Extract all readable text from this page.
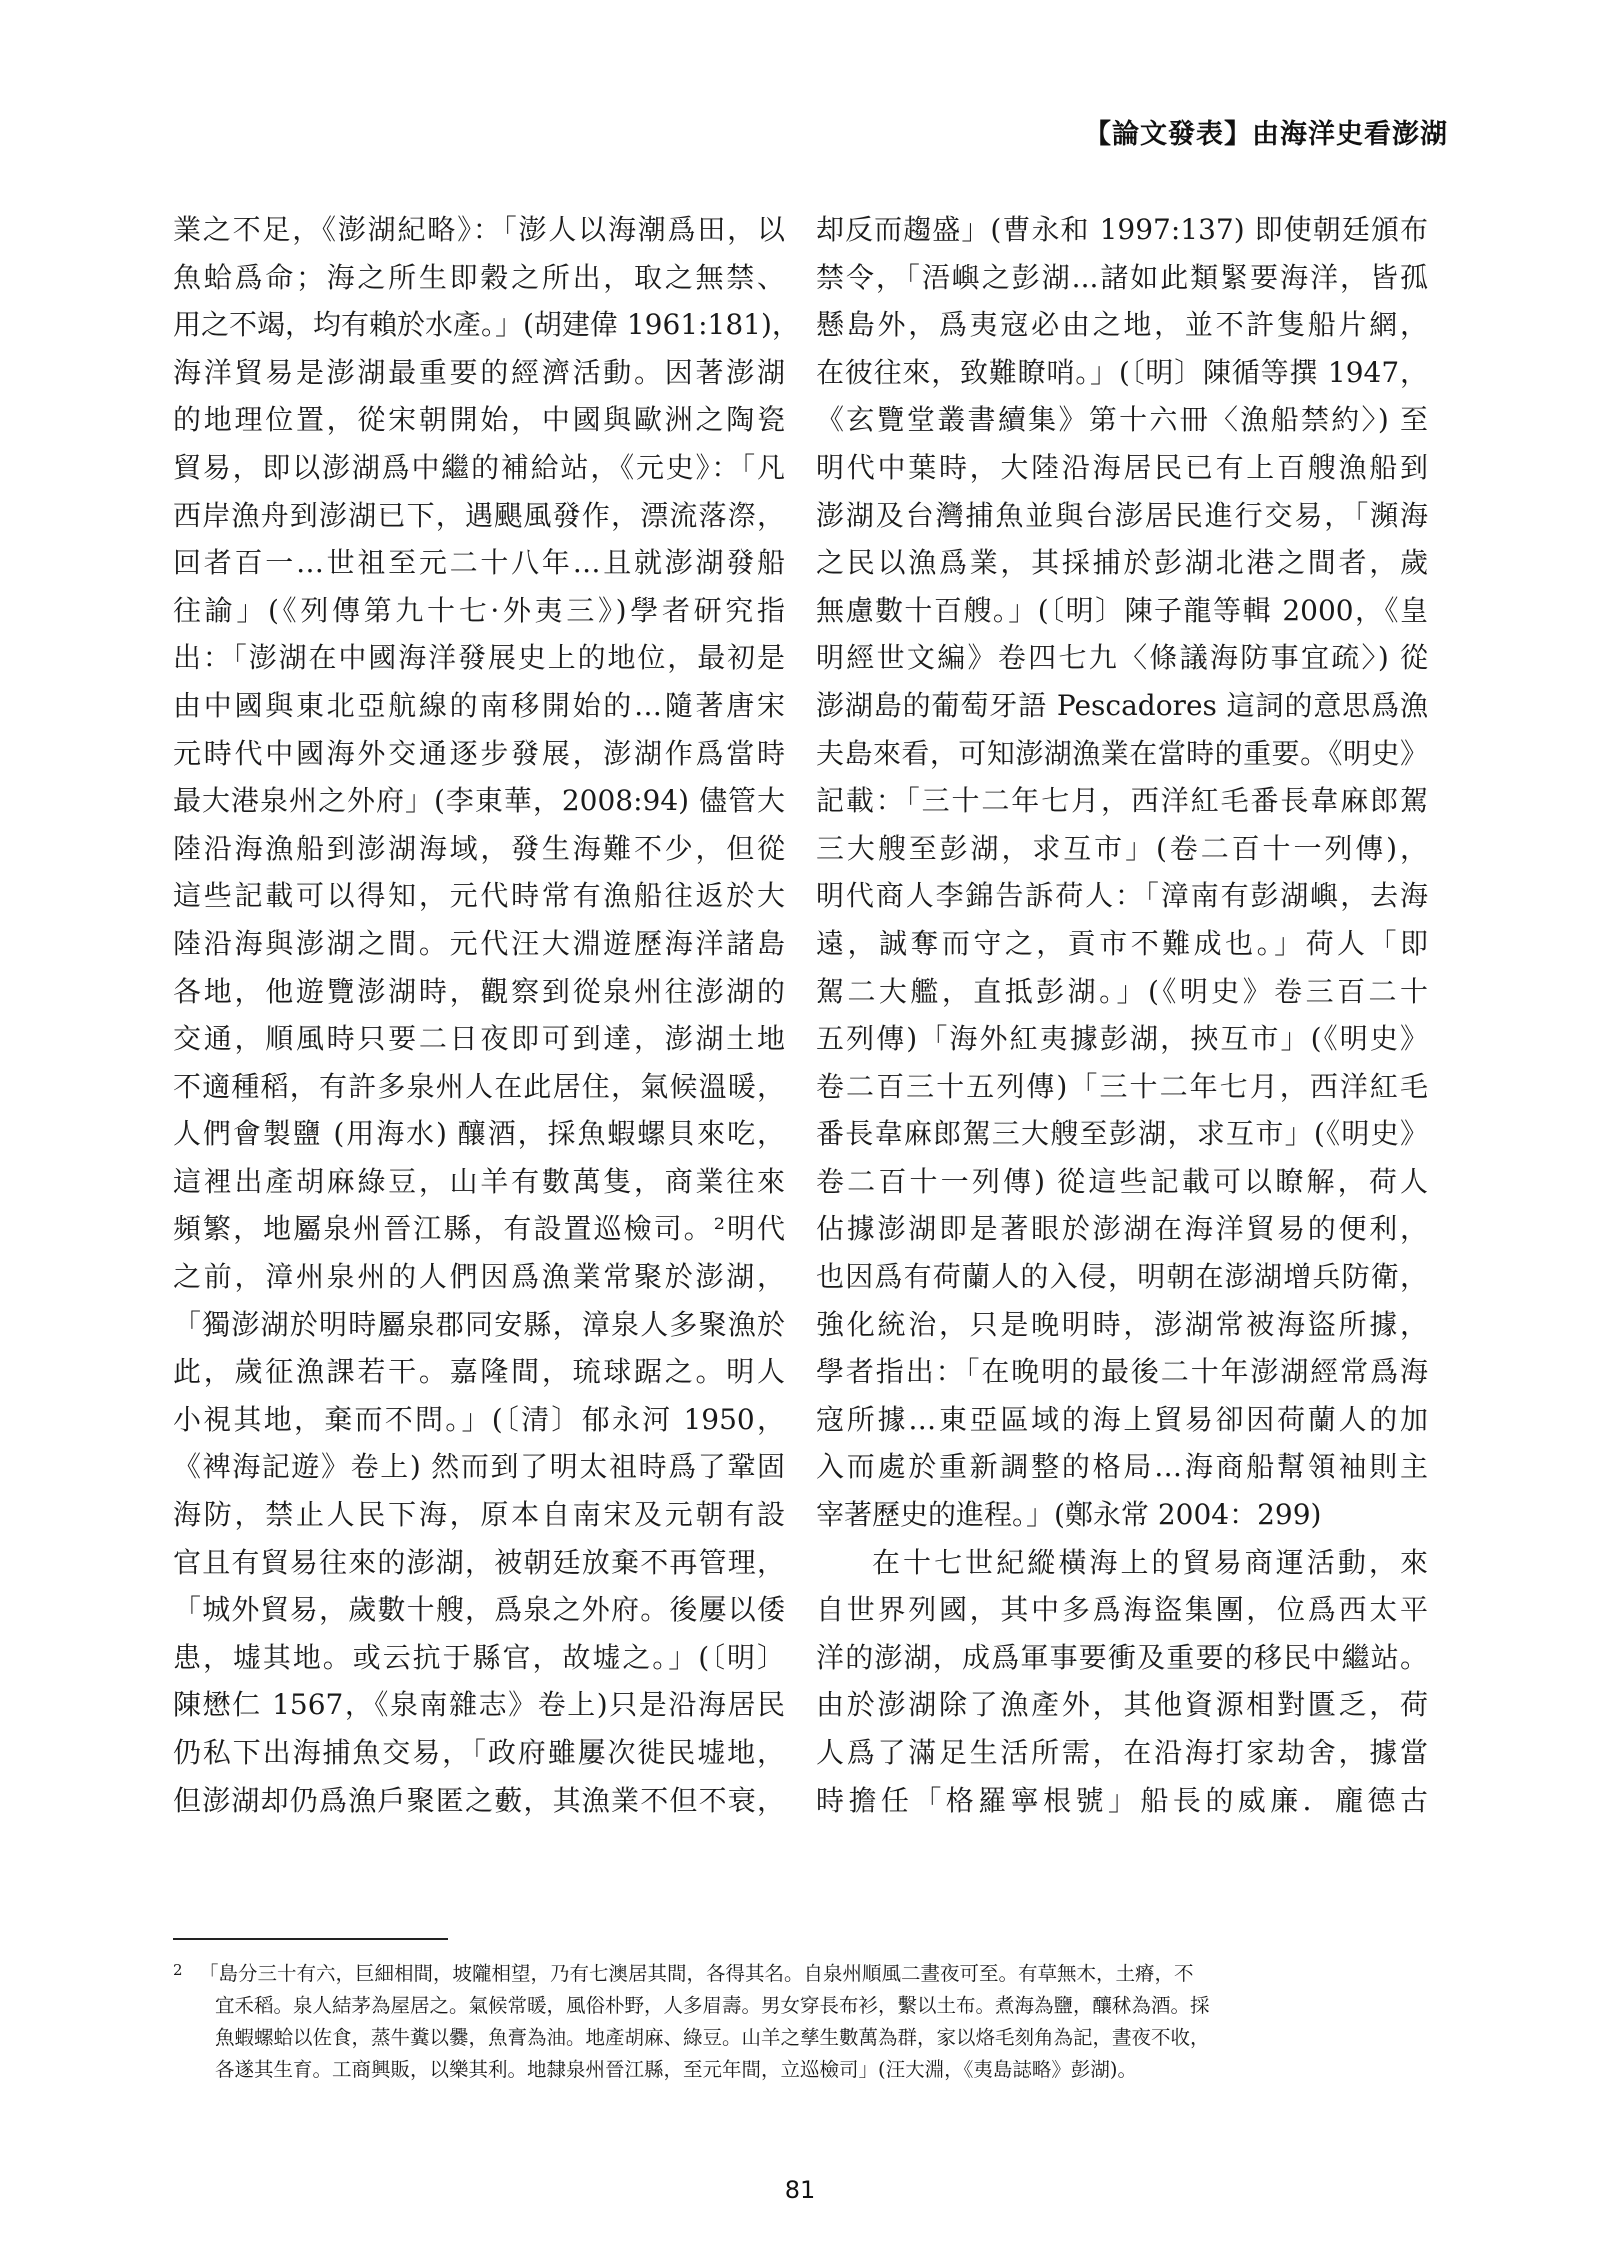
【論文發表】由海洋史看澎湖
業之不足，《澎湖紀略》：「澎人以海潮爲田，以
魚蛤爲命；海之所生即穀之所出，取之無禁、
用之不竭，均有賴於水產。」(胡建偉 1961:181)，
海洋貿易是澎湖最重要的經濟活動。因著澎湖
的地理位置，從宋朝開始，中國與歐洲之陶瓷
貿易，即以澎湖爲中繼的補給站，《元史》：「凡
西岸漁舟到澎湖已下，遇颶風發作，漂流落漈，
回者百一…世祖至元二十八年…且就澎湖發船
往諭」(《列傳第九十七·外夷三》)學者研究指
出：「澎湖在中國海洋發展史上的地位，最初是
由中國與東北亞航線的南移開始的…隨著唐宋
元時代中國海外交通逐步發展，澎湖作爲當時
最大港泉州之外府」(李東華，2008:94) 儘管大
陸沿海漁船到澎湖海域，發生海難不少，但從
這些記載可以得知，元代時常有漁船往返於大
陸沿海與澎湖之間。元代汪大淵遊歷海洋諸島
各地，他遊覽澎湖時，觀察到從泉州往澎湖的
交通，順風時只要二日夜即可到達，澎湖土地
不適種稻，有許多泉州人在此居住，氣候溫暖，
人們會製鹽 (用海水) 釀酒，採魚蝦螺貝來吃，
這裡出產胡麻綠豆，山羊有數萬隻，商業往來
頻繁，地屬泉州晉江縣，有設置巡檢司。²明代
之前，漳州泉州的人們因爲漁業常聚於澎湖，
「獨澎湖於明時屬泉郡同安縣，漳泉人多聚漁於
此，歲征漁課若干。嘉隆間，琉球踞之。明人
小視其地，棄而不問。」(〔清〕郁永河 1950，
《裨海記遊》卷上) 然而到了明太祖時爲了鞏固
海防，禁止人民下海，原本自南宋及元朝有設
官且有貿易往來的澎湖，被朝廷放棄不再管理，
「城外貿易，歲數十艘，爲泉之外府。後屢以倭
患，墟其地。或云抗于縣官，故墟之。」(〔明〕
陳懋仁 1567，《泉南雜志》卷上)只是沿海居民
仍私下出海捕魚交易，「政府雖屢次徙民墟地，
但澎湖却仍爲漁戶聚匿之藪，其漁業不但不衰，
却反而趨盛」(曹永和 1997:137) 即使朝廷頒布
禁令，「浯嶼之彭湖...諸如此類緊要海洋，皆孤
懸島外，爲夷寇必由之地，並不許隻船片網，
在彼往來，致難瞭哨。」(〔明〕陳循等撰 1947，
《玄覽堂叢書續集》第十六冊〈漁船禁約〉) 至
明代中葉時，大陸沿海居民已有上百艘漁船到
澎湖及台灣捕魚並與台澎居民進行交易，「瀕海
之民以漁爲業，其採捕於彭湖北港之間者，歲
無慮數十百艘。」(〔明〕陳子龍等輯 2000，《皇
明經世文編》卷四七九〈條議海防事宜疏〉) 從
澎湖島的葡萄牙語 Pescadores 這詞的意思爲漁
夫島來看，可知澎湖漁業在當時的重要。《明史》
記載：「三十二年七月，西洋紅毛番長韋麻郎駕
三大艘至彭湖，求互市」(卷二百十一列傳)，
明代商人李錦告訴荷人：「漳南有彭湖嶼，去海
遠，誠奪而守之，貢市不難成也。」荷人「即
駕二大艦，直抵彭湖。」(《明史》卷三百二十
五列傳)「海外紅夷據彭湖，挾互市」(《明史》
卷二百三十五列傳)「三十二年七月，西洋紅毛
番長韋麻郎駕三大艘至彭湖，求互市」(《明史》
卷二百十一列傳) 從這些記載可以瞭解，荷人
佔據澎湖即是著眼於澎湖在海洋貿易的便利，
也因爲有荷蘭人的入侵，明朝在澎湖增兵防衛，
強化統治，只是晚明時，澎湖常被海盜所據，
學者指出：「在晚明的最後二十年澎湖經常爲海
寇所據…東亞區域的海上貿易卻因荷蘭人的加
入而處於重新調整的格局…海商船幫領袖則主
宰著歷史的進程。」(鄭永常 2004：299)
在十七世紀縱橫海上的貿易商運活動，來
自世界列國，其中多爲海盜集團，位爲西太平
洋的澎湖，成爲軍事要衝及重要的移民中繼站。
由於澎湖除了漁產外，其他資源相對匱乏，荷
人爲了滿足生活所需，在沿海打家劫舍，據當
時擔任「格羅寧根號」船長的威廉．龐德古
2 「島分三十有六，巨細相間，坡隴相望，乃有七澳居其間，各得其名。自泉州順風二晝夜可至。有草無木，土瘠，不
宜禾稻。泉人結茅為屋居之。氣候常暖，風俗朴野，人多眉壽。男女穿長布衫，繫以土布。煮海為鹽，釀秫為酒。採
魚蝦螺蛤以佐食，蒸牛糞以爨，魚膏為油。地產胡麻、綠豆。山羊之孳生數萬為群，家以烙毛刻角為記，晝夜不收，
各遂其生育。工商興販，以樂其利。地隸泉州晉江縣，至元年間，立巡檢司」(汪大淵，《夷島誌略》彭湖)。
81
